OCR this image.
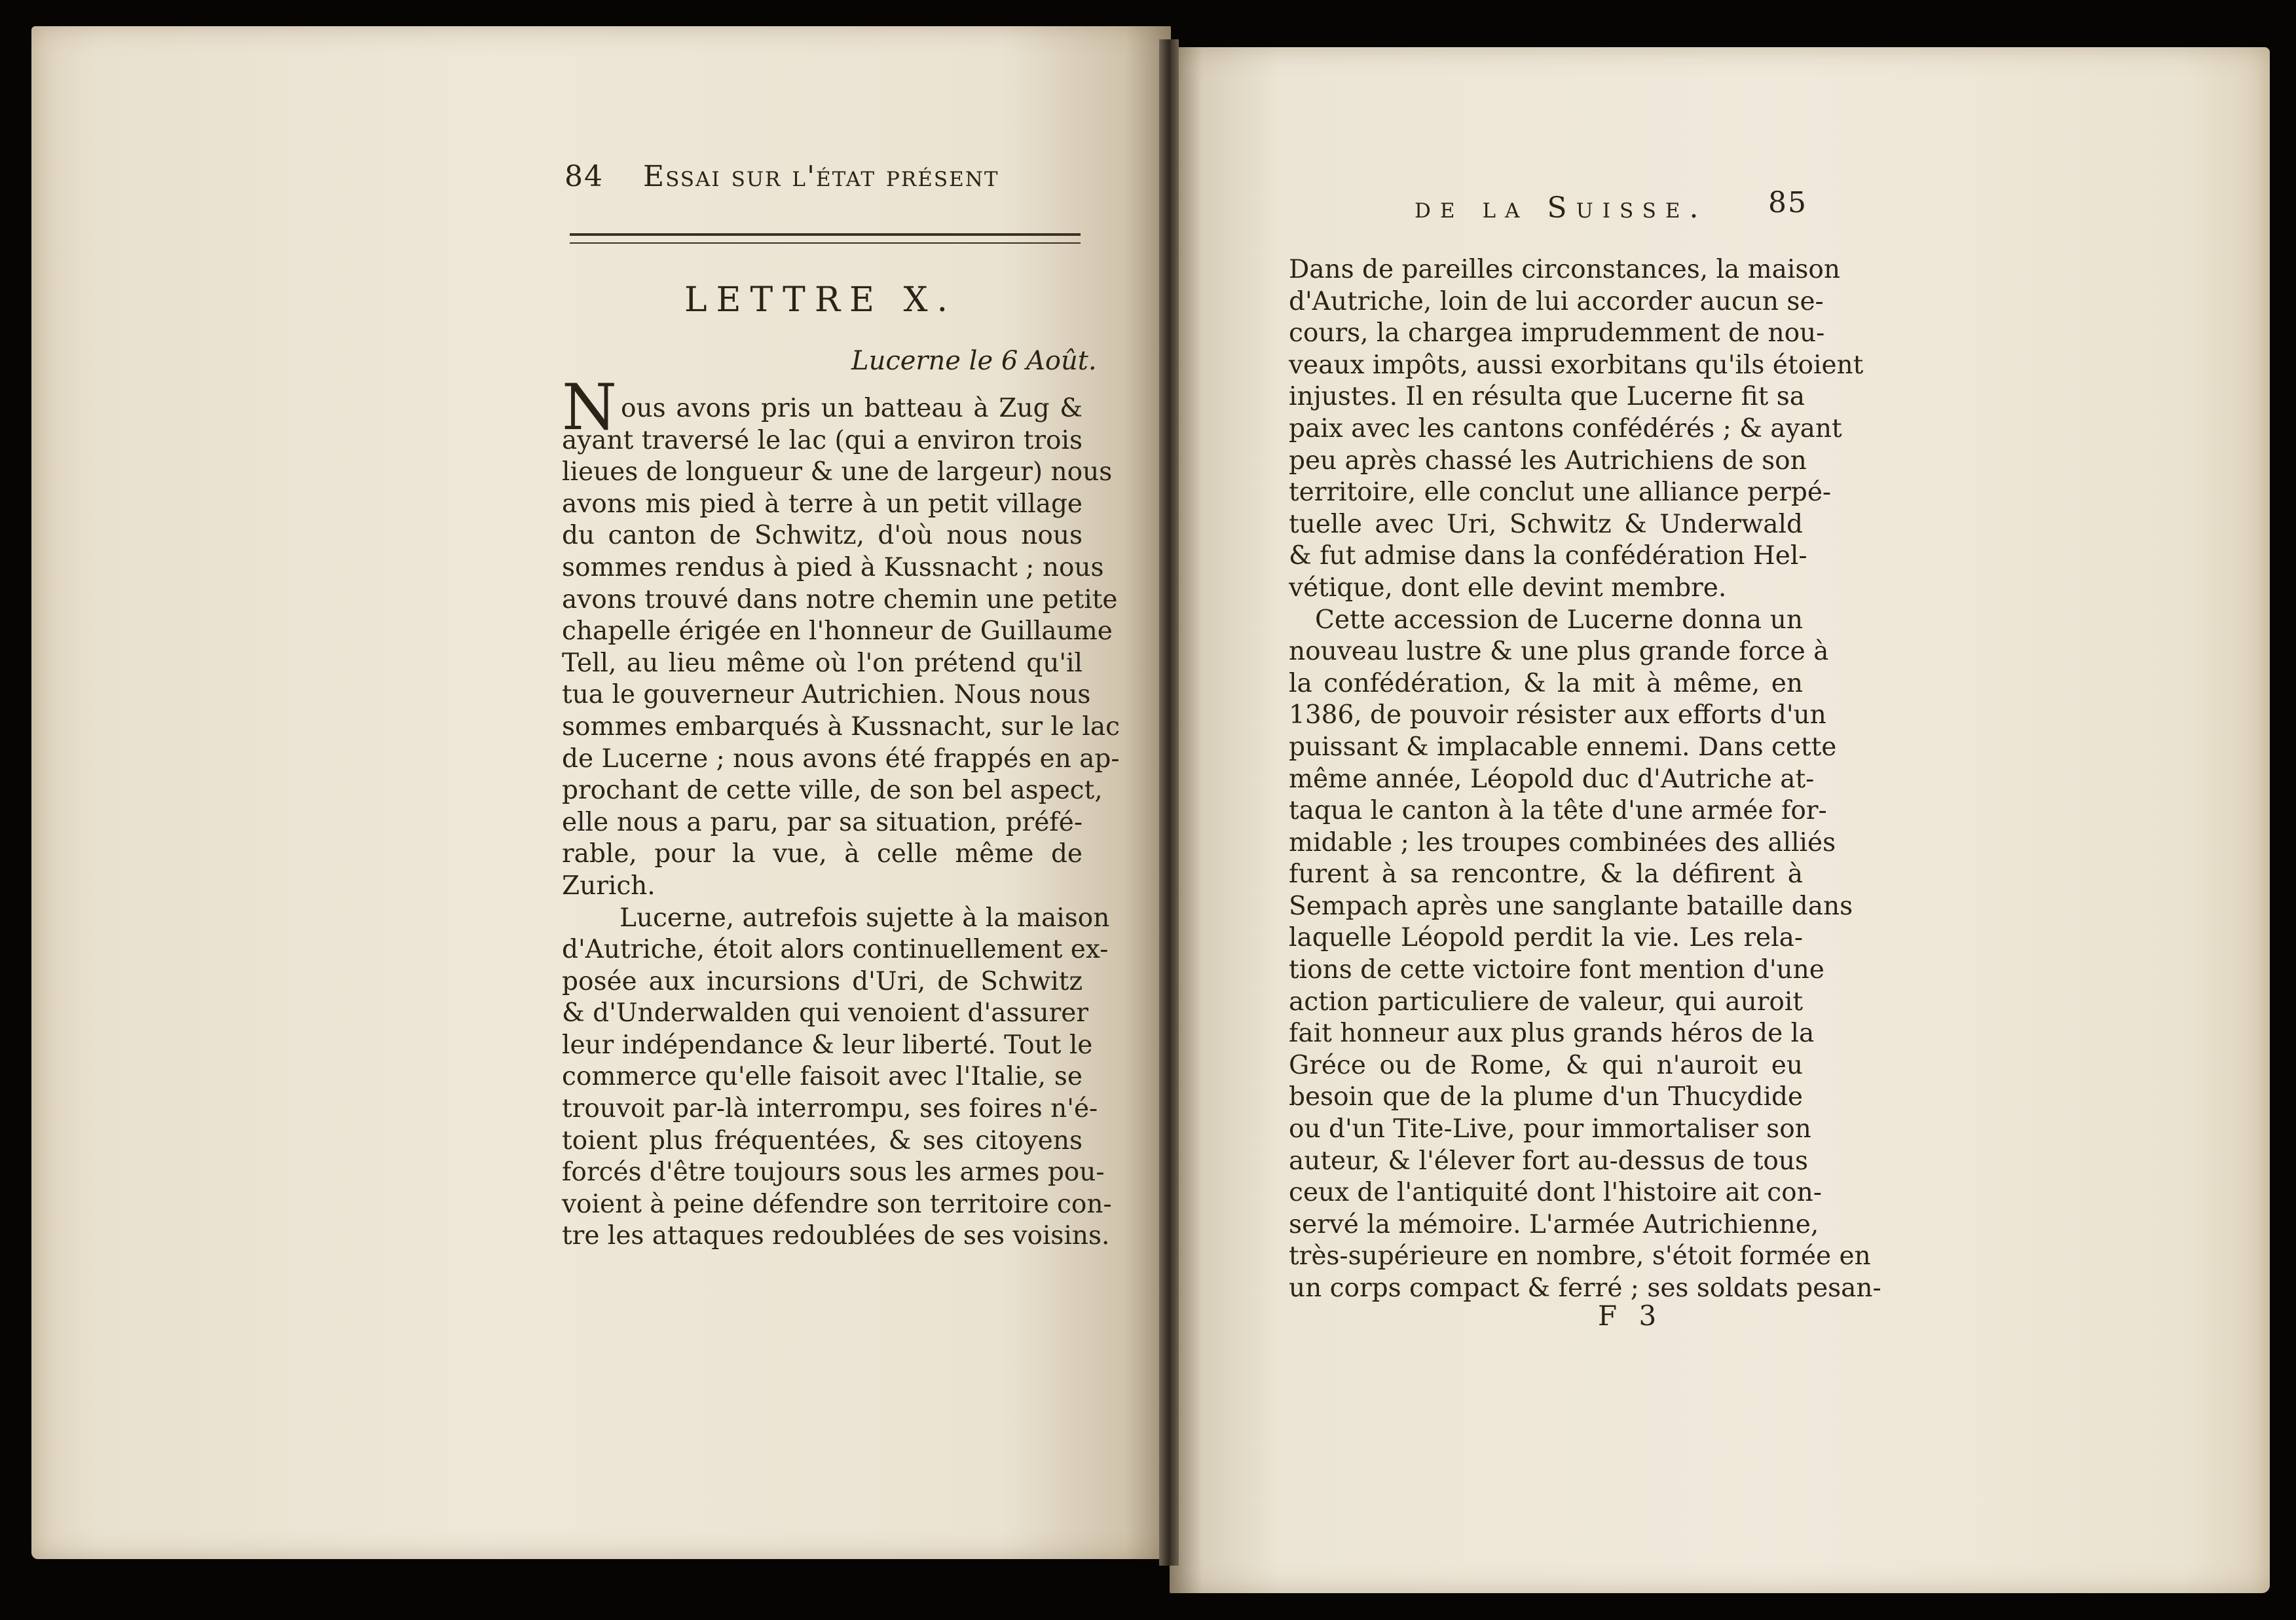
84 Essai sur l'état présent
LETTRE X.
Lucerne le 6 Août.
N ous avons pris un batteau à Zug &
ayant traversé le lac (qui a environ trois
lieues de longueur & une de largeur) nous
avons mis pied à terre à un petit village
du canton de Schwitz, d'où nous nous
sommes rendus à pied à Kussnacht ; nous
avons trouvé dans notre chemin une petite
chapelle érigée en l'honneur de Guillaume
Tell, au lieu même où l'on prétend qu'il
tua le gouverneur Autrichien. Nous nous
sommes embarqués à Kussnacht, sur le lac
de Lucerne ; nous avons été frappés en ap-
prochant de cette ville, de son bel aspect,
elle nous a paru, par sa situation, préfé-
rable, pour la vue, à celle même de
Zurich.
Lucerne, autrefois sujette à la maison
d'Autriche, étoit alors continuellement ex-
posée aux incursions d'Uri, de Schwitz
& d'Underwalden qui venoient d'assurer
leur indépendance & leur liberté. Tout le
commerce qu'elle faisoit avec l'Italie, se
trouvoit par-là interrompu, ses foires n'é-
toient plus fréquentées, & ses citoyens
forcés d'être toujours sous les armes pou-
voient à peine défendre son territoire con-
tre les attaques redoublées de ses voisins.
de la Suisse. 85
Dans de pareilles circonstances, la maison
d'Autriche, loin de lui accorder aucun se-
cours, la chargea imprudemment de nou-
veaux impôts, aussi exorbitans qu'ils étoient
injustes. Il en résulta que Lucerne fit sa
paix avec les cantons confédérés ; & ayant
peu après chassé les Autrichiens de son
territoire, elle conclut une alliance perpé-
tuelle avec Uri, Schwitz & Underwald
& fut admise dans la confédération Hel-
vétique, dont elle devint membre.
Cette accession de Lucerne donna un
nouveau lustre & une plus grande force à
la confédération, & la mit à même, en
1386, de pouvoir résister aux efforts d'un
puissant & implacable ennemi. Dans cette
même année, Léopold duc d'Autriche at-
taqua le canton à la tête d'une armée for-
midable ; les troupes combinées des alliés
furent à sa rencontre, & la défirent à
Sempach après une sanglante bataille dans
laquelle Léopold perdit la vie. Les rela-
tions de cette victoire font mention d'une
action particuliere de valeur, qui auroit
fait honneur aux plus grands héros de la
Gréce ou de Rome, & qui n'auroit eu
besoin que de la plume d'un Thucydide
ou d'un Tite-Live, pour immortaliser son
auteur, & l'élever fort au-dessus de tous
ceux de l'antiquité dont l'histoire ait con-
servé la mémoire. L'armée Autrichienne,
très-supérieure en nombre, s'étoit formée en
un corps compact & ferré ; ses soldats pesan-
F 3
